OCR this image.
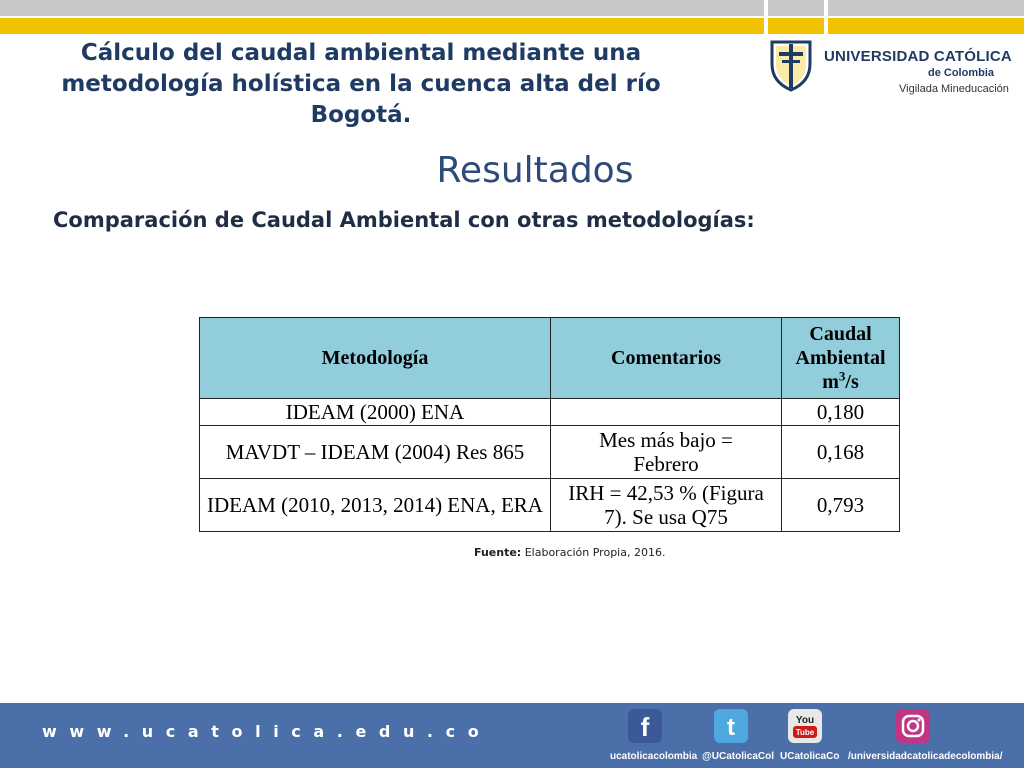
Cálculo del caudal ambiental mediante una metodología holística en la cuenca alta del río Bogotá.
UNIVERSIDAD CATÓLICA
de Colombia
Vigilada Mineducación
Resultados
Comparación de Caudal Ambiental con otras metodologías:
Metodología	Comentarios	Caudal
Ambiental
$m^3/s$
IDEAM (2000) ENA		0,180
MAVDT – IDEAM (2004) Res 865	Mes más bajo = Febrero	0,168
IDEAM (2010, 2013, 2014) ENA, ERA	IRH = 42,53 % (Figura 7). Se usa Q75	0,793
Fuente: Elaboración Propia, 2016.
www.ucatolica.edu.co	f
ucatolicacolombia
t
@UCatolicaCol
You
Tube
UCatolicaCo /universidadcatolicadecolombia/
